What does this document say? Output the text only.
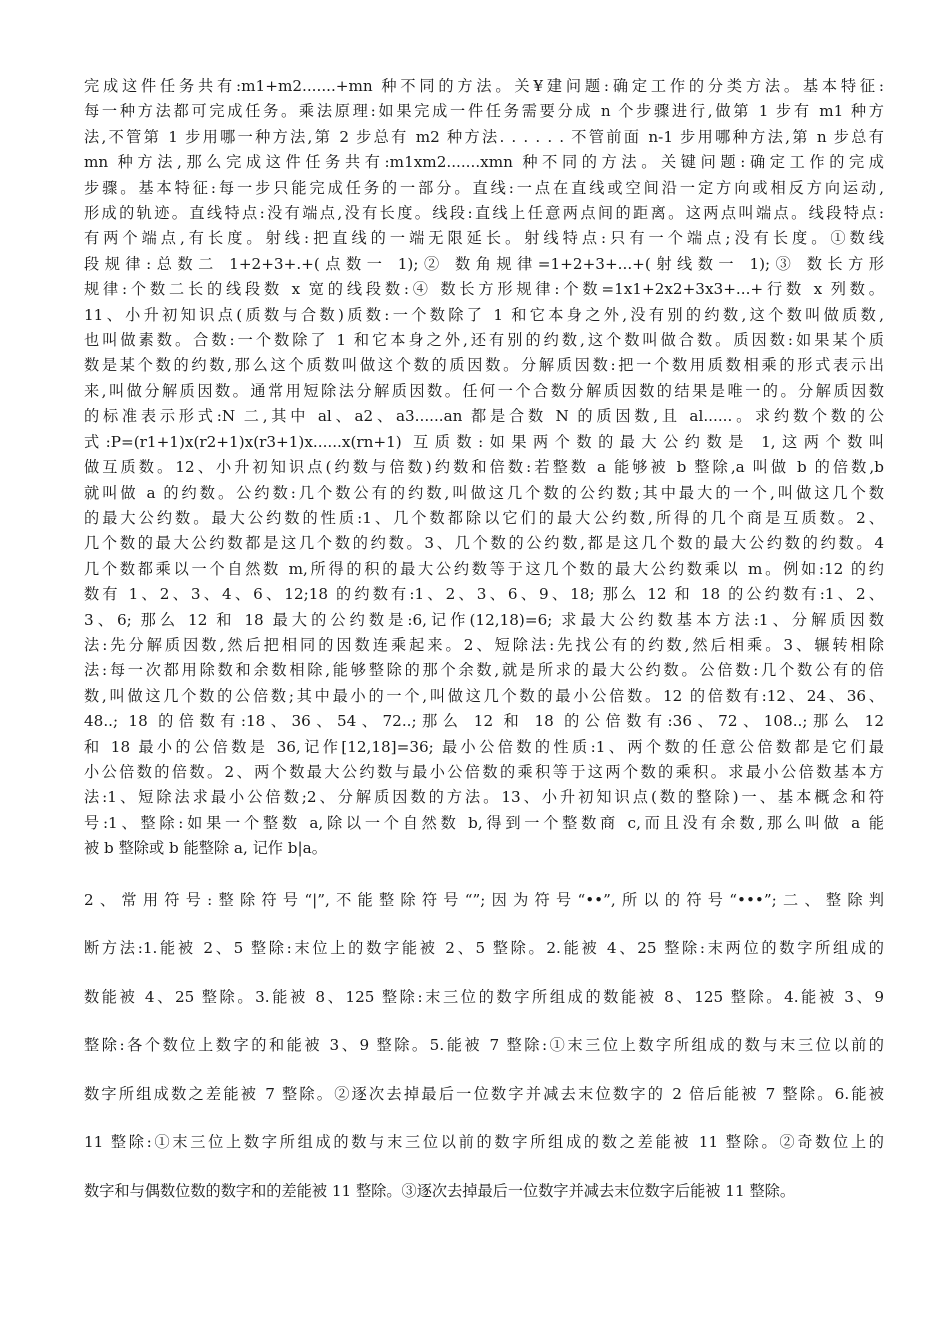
完成这件任务共有:m1+m2.......+mn 种不同的方法。关¥建问题:确定工作的分类方法。基本特征:

每一种方法都可完成任务。乘法原理:如果完成一件任务需要分成 n 个步骤进行,做第 1 步有 m1 种方

法,不管第 1 步用哪一种方法,第 2 步总有 m2 种方法. . . . . . 不管前面 n-1 步用哪种方法,第 n 步总有

mn 种方法,那么完成这件任务共有:m1xm2.......xmn 种不同的方法。关键问题:确定工作的完成

步骤。基本特征:每一步只能完成任务的一部分。直线:一点在直线或空间沿一定方向或相反方向运动,

形成的轨迹。直线特点:没有端点,没有长度。线段:直线上任意两点间的距离。这两点叫端点。线段特点:

有两个端点,有长度。射线:把直线的一端无限延长。射线特点:只有一个端点;没有长度。①数线

段规律:总数二 1+2+3+.+(点数一 1);② 数角规律=1+2+3+...+(射线数一 1);③ 数长方形

规律:个数二长的线段数 x 宽的线段数:④ 数长方形规律:个数=1x1+2x2+3x3+...+行数 x 列数。

11、小升初知识点(质数与合数)质数:一个数除了 1 和它本身之外,没有别的约数,这个数叫做质数,

也叫做素数。合数:一个数除了 1 和它本身之外,还有别的约数,这个数叫做合数。质因数:如果某个质

数是某个数的约数,那么这个质数叫做这个数的质因数。分解质因数:把一个数用质数相乘的形式表示出

来,叫做分解质因数。通常用短除法分解质因数。任何一个合数分解质因数的结果是唯一的。分解质因数

的标准表示形式:N 二,其中 al、a2、a3......an 都是合数 N 的质因数,且 al......。求约数个数的公

式:P=(r1+1)x(r2+1)x(r3+1)x......x(rn+1) 互质数:如果两个数的最大公约数是 1,这两个数叫

做互质数。12、小升初知识点(约数与倍数)约数和倍数:若整数 a 能够被 b 整除,a 叫做 b 的倍数,b

就叫做 a 的约数。公约数:几个数公有的约数,叫做这几个数的公约数;其中最大的一个,叫做这几个数

的最大公约数。最大公约数的性质:1、几个数都除以它们的最大公约数,所得的几个商是互质数。2、

几个数的最大公约数都是这几个数的约数。3、几个数的公约数,都是这几个数的最大公约数的约数。4

几个数都乘以一个自然数 m,所得的积的最大公约数等于这几个数的最大公约数乘以 m。例如:12 的约

数有 1、2、3、4、6、12;18 的约数有:1、2、3、6、9、18; 那么 12 和 18 的公约数有:1、2、

3、6; 那么 12 和 18 最大的公约数是:6,记作(12,18)=6; 求最大公约数基本方法:1、分解质因数

法:先分解质因数,然后把相同的因数连乘起来。2、短除法:先找公有的约数,然后相乘。3、辗转相除

法:每一次都用除数和余数相除,能够整除的那个余数,就是所求的最大公约数。公倍数:几个数公有的倍

数,叫做这几个数的公倍数;其中最小的一个,叫做这几个数的最小公倍数。12 的倍数有:12、24、36、

48..; 18 的倍数有:18、36、54、72..;那么 12 和 18 的公倍数有:36、72、108..;那么 12

和 18 最小的公倍数是 36,记作[12,18]=36; 最小公倍数的性质:1、两个数的任意公倍数都是它们最

小公倍数的倍数。2、两个数最大公约数与最小公倍数的乘积等于这两个数的乘积。求最小公倍数基本方

法:1、短除法求最小公倍数;2、分解质因数的方法。13、小升初知识点(数的整除)一、基本概念和符

号:1、整除:如果一个整数 a,除以一个自然数 b,得到一个整数商 c,而且没有余数,那么叫做 a 能

被 b 整除或 b 能整除 a, 记作 b|a。

2、常用符号:整除符号“|”,不能整除符号“”;因为符号“••”,所以的符号“•••”;二、整除判

断方法:1.能被 2、5 整除:末位上的数字能被 2、5 整除。2.能被 4、25 整除:末两位的数字所组成的

数能被 4、25 整除。3.能被 8、125 整除:末三位的数字所组成的数能被 8、125 整除。4.能被 3、9

整除:各个数位上数字的和能被 3、9 整除。5.能被 7 整除:①末三位上数字所组成的数与末三位以前的

数字所组成数之差能被 7 整除。②逐次去掉最后一位数字并减去末位数字的 2 倍后能被 7 整除。6.能被

11 整除:①末三位上数字所组成的数与末三位以前的数字所组成的数之差能被 11 整除。②奇数位上的

数字和与偶数位数的数字和的差能被 11 整除。③逐次去掉最后一位数字并减去末位数字后能被 11 整除。
